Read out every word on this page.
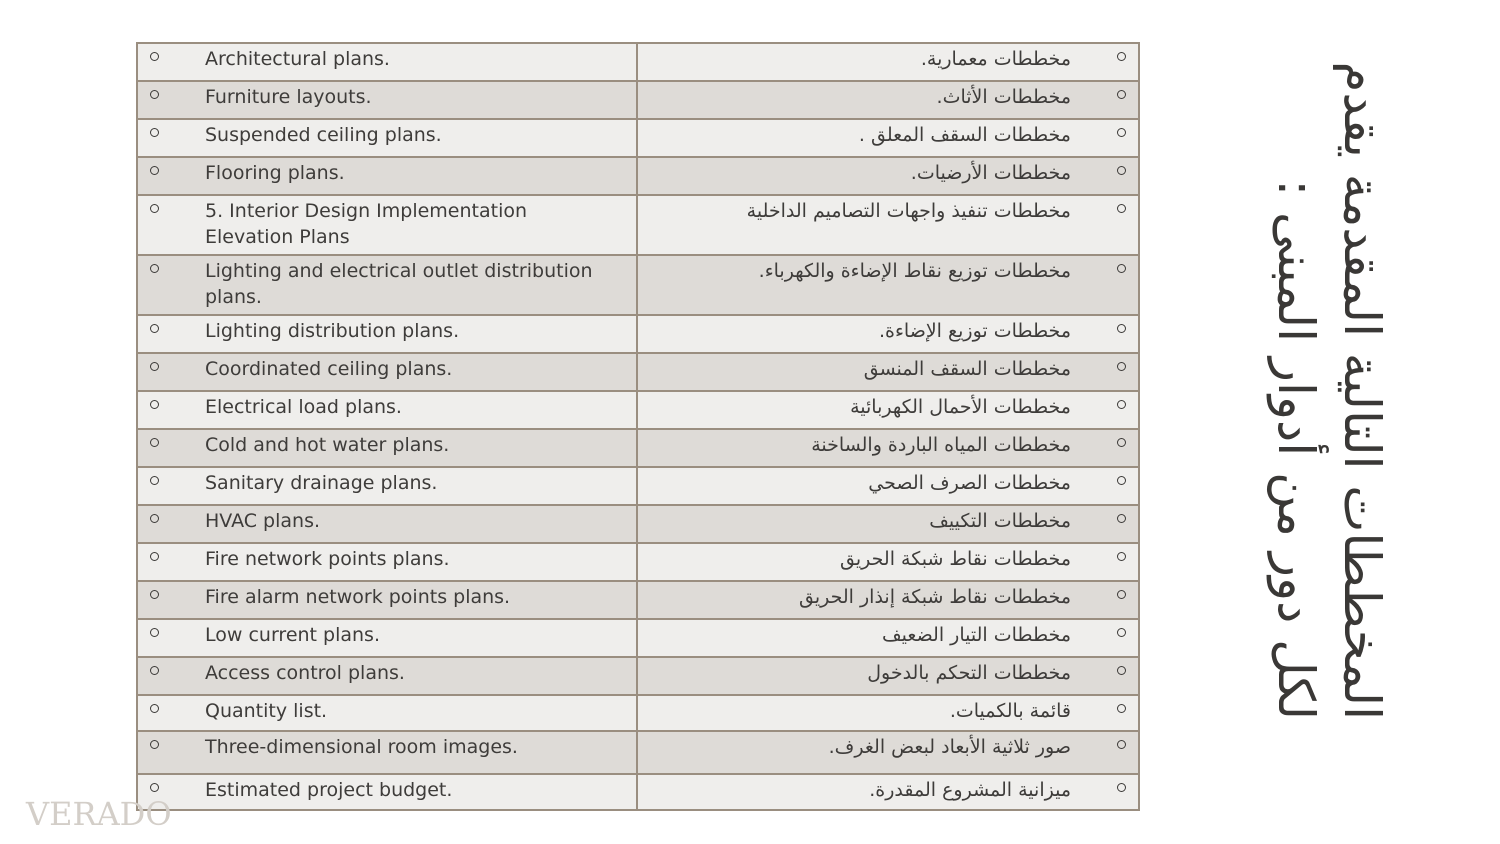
Architectural plans.	مخططات معمارية.

Furniture layouts.	مخططات الأثاث.

Suspended ceiling plans.	مخططات السقف المعلق .

Flooring plans.	مخططات الأرضيات.

5. Interior Design Implementation Elevation Plans	مخططات تنفيذ واجهات التصاميم الداخلية

Lighting and electrical outlet distribution plans.	مخططات توزيع نقاط الإضاءة والكهرباء.

Lighting distribution plans.	مخططات توزيع الإضاءة.

Coordinated ceiling plans.	مخططات السقف المنسق

Electrical load plans.	مخططات الأحمال الكهربائية

Cold and hot water plans.	مخططات المياه الباردة والساخنة

Sanitary drainage plans.	مخططات الصرف الصحي

HVAC plans.	مخططات التكييف

Fire network points plans.	مخططات نقاط شبكة الحريق

Fire alarm network points plans.	مخططات نقاط شبكة إنذار الحريق

Low current plans.	مخططات التيار الضعيف

Access control plans.	مخططات التحكم بالدخول

Quantity list.	قائمة بالكميات.

Three-dimensional room images.	صور ثلاثية الأبعاد لبعض الغرف.

Estimated project budget.	ميزانية المشروع المقدرة.
المخططات التالية المقدمة يقدم لكل دور من أدوار المبنى :
VERADO
